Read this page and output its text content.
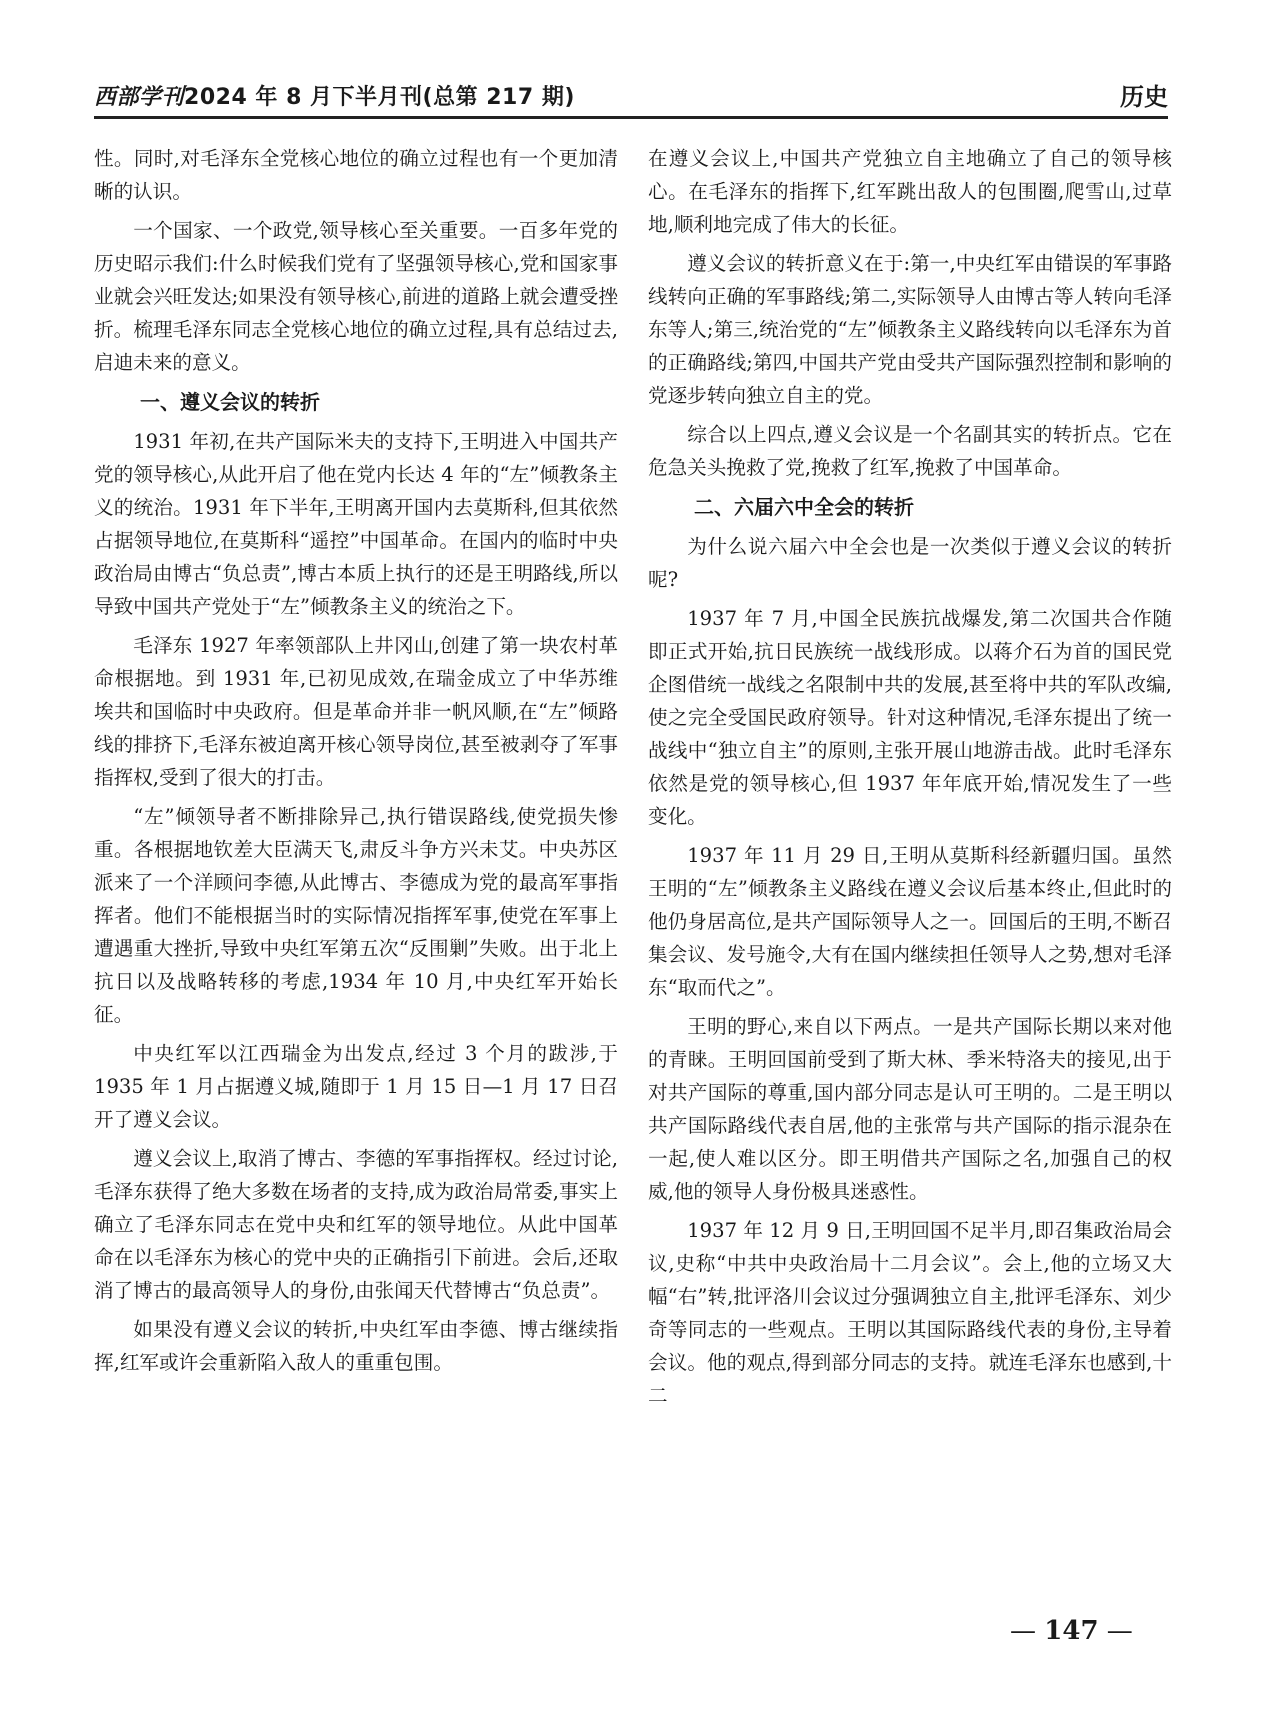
西部学刊2024 年 8 月下半月刊(总第 217 期)	历史

性。同时,对毛泽东全党核心地位的确立过程也有一个更加清晰的认识。

一个国家、一个政党,领导核心至关重要。一百多年党的历史昭示我们:什么时候我们党有了坚强领导核心,党和国家事业就会兴旺发达;如果没有领导核心,前进的道路上就会遭受挫折。梳理毛泽东同志全党核心地位的确立过程,具有总结过去,启迪未来的意义。

一、遵义会议的转折

1931 年初,在共产国际米夫的支持下,王明进入中国共产党的领导核心,从此开启了他在党内长达 4 年的“左”倾教条主义的统治。1931 年下半年,王明离开国内去莫斯科,但其依然占据领导地位,在莫斯科“遥控”中国革命。在国内的临时中央政治局由博古“负总责”,博古本质上执行的还是王明路线,所以导致中国共产党处于“左”倾教条主义的统治之下。

毛泽东 1927 年率领部队上井冈山,创建了第一块农村革命根据地。到 1931 年,已初见成效,在瑞金成立了中华苏维埃共和国临时中央政府。但是革命并非一帆风顺,在“左”倾路线的排挤下,毛泽东被迫离开核心领导岗位,甚至被剥夺了军事指挥权,受到了很大的打击。

“左”倾领导者不断排除异己,执行错误路线,使党损失惨重。各根据地钦差大臣满天飞,肃反斗争方兴未艾。中央苏区派来了一个洋顾问李德,从此博古、李德成为党的最高军事指挥者。他们不能根据当时的实际情况指挥军事,使党在军事上遭遇重大挫折,导致中央红军第五次“反围剿”失败。出于北上抗日以及战略转移的考虑,1934 年 10 月,中央红军开始长征。

中央红军以江西瑞金为出发点,经过 3 个月的跋涉,于 1935 年 1 月占据遵义城,随即于 1 月 15 日—1 月 17 日召开了遵义会议。

遵义会议上,取消了博古、李德的军事指挥权。经过讨论,毛泽东获得了绝大多数在场者的支持,成为政治局常委,事实上确立了毛泽东同志在党中央和红军的领导地位。从此中国革命在以毛泽东为核心的党中央的正确指引下前进。会后,还取消了博古的最高领导人的身份,由张闻天代替博古“负总责”。

如果没有遵义会议的转折,中央红军由李德、博古继续指挥,红军或许会重新陷入敌人的重重包围。

在遵义会议上,中国共产党独立自主地确立了自己的领导核心。在毛泽东的指挥下,红军跳出敌人的包围圈,爬雪山,过草地,顺利地完成了伟大的长征。

遵义会议的转折意义在于:第一,中央红军由错误的军事路线转向正确的军事路线;第二,实际领导人由博古等人转向毛泽东等人;第三,统治党的“左”倾教条主义路线转向以毛泽东为首的正确路线;第四,中国共产党由受共产国际强烈控制和影响的党逐步转向独立自主的党。

综合以上四点,遵义会议是一个名副其实的转折点。它在危急关头挽救了党,挽救了红军,挽救了中国革命。

二、六届六中全会的转折

为什么说六届六中全会也是一次类似于遵义会议的转折呢?

1937 年 7 月,中国全民族抗战爆发,第二次国共合作随即正式开始,抗日民族统一战线形成。以蒋介石为首的国民党企图借统一战线之名限制中共的发展,甚至将中共的军队改编,使之完全受国民政府领导。针对这种情况,毛泽东提出了统一战线中“独立自主”的原则,主张开展山地游击战。此时毛泽东依然是党的领导核心,但 1937 年年底开始,情况发生了一些变化。

1937 年 11 月 29 日,王明从莫斯科经新疆归国。虽然王明的“左”倾教条主义路线在遵义会议后基本终止,但此时的他仍身居高位,是共产国际领导人之一。回国后的王明,不断召集会议、发号施令,大有在国内继续担任领导人之势,想对毛泽东“取而代之”。

王明的野心,来自以下两点。一是共产国际长期以来对他的青睐。王明回国前受到了斯大林、季米特洛夫的接见,出于对共产国际的尊重,国内部分同志是认可王明的。二是王明以共产国际路线代表自居,他的主张常与共产国际的指示混杂在一起,使人难以区分。即王明借共产国际之名,加强自己的权威,他的领导人身份极具迷惑性。

1937 年 12 月 9 日,王明回国不足半月,即召集政治局会议,史称“中共中央政治局十二月会议”。会上,他的立场又大幅“右”转,批评洛川会议过分强调独立自主,批评毛泽东、刘少奇等同志的一些观点。王明以其国际路线代表的身份,主导着会议。他的观点,得到部分同志的支持。就连毛泽东也感到,十二

— 147 —
